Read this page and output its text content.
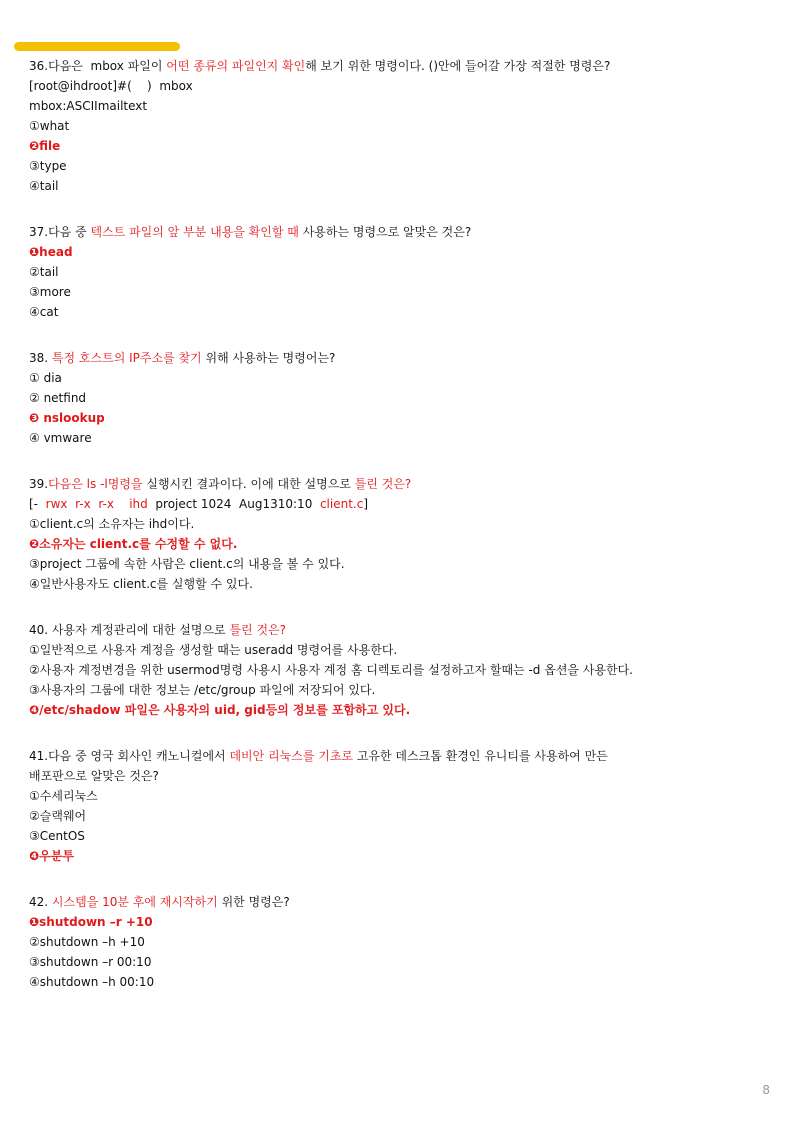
36.다음은  mbox 파일이 어떤 종류의 파일인지 확인해 보기 위한 명령이다. ()안에 들어갈 가장 적절한 명령은?
[root@ihdroot]#(    )  mbox
mbox:ASCIImailtext
①what
❷file
③type
④tail
37.다음 중 텍스트 파일의 앞 부분 내용을 확인할 때 사용하는 명령으로 알맞은 것은?
❶head
②tail
③more
④cat
38. 특정 호스트의 IP주소를 찾기 위해 사용하는 명령어는?
① dia
② netfind
❸ nslookup
④ vmware
39.다음은 ls -l명령을 실행시킨 결과이다. 이에 대한 설명으로 틀린 것은?
[-  rwx  r-x  r-x ihd  project 1024  Aug1310:10  client.c]
①client.c의 소유자는 ihd이다.
❷소유자는 client.c를 수정할 수 없다.
③project 그룹에 속한 사람은 client.c의 내용을 볼 수 있다.
④일반사용자도 client.c를 실행할 수 있다.
40. 사용자 계정관리에 대한 설명으로 틀린 것은?
①일반적으로 사용자 계정을 생성할 때는 useradd 명령어를 사용한다.
②사용자 계정변경을 위한 usermod명령 사용시 사용자 계정 홈 디렉토리를 설정하고자 할때는 -d 옵션을 사용한다.
③사용자의 그룹에 대한 정보는 /etc/group 파일에 저장되어 있다.
❹/etc/shadow 파일은 사용자의 uid, gid등의 정보를 포함하고 있다.
41.다음 중 영국 회사인 캐노니컬에서 데비안 리눅스를 기초로 고유한 데스크톱 환경인 유니티를 사용하여 만든
배포판으로 알맞은 것은?
①수세리눅스
②슬랙웨어
③CentOS
❹우분투
42. 시스템을 10분 후에 재시작하기 위한 명령은?
❶shutdown –r +10
②shutdown –h +10
③shutdown –r 00:10
④shutdown –h 00:10
8
